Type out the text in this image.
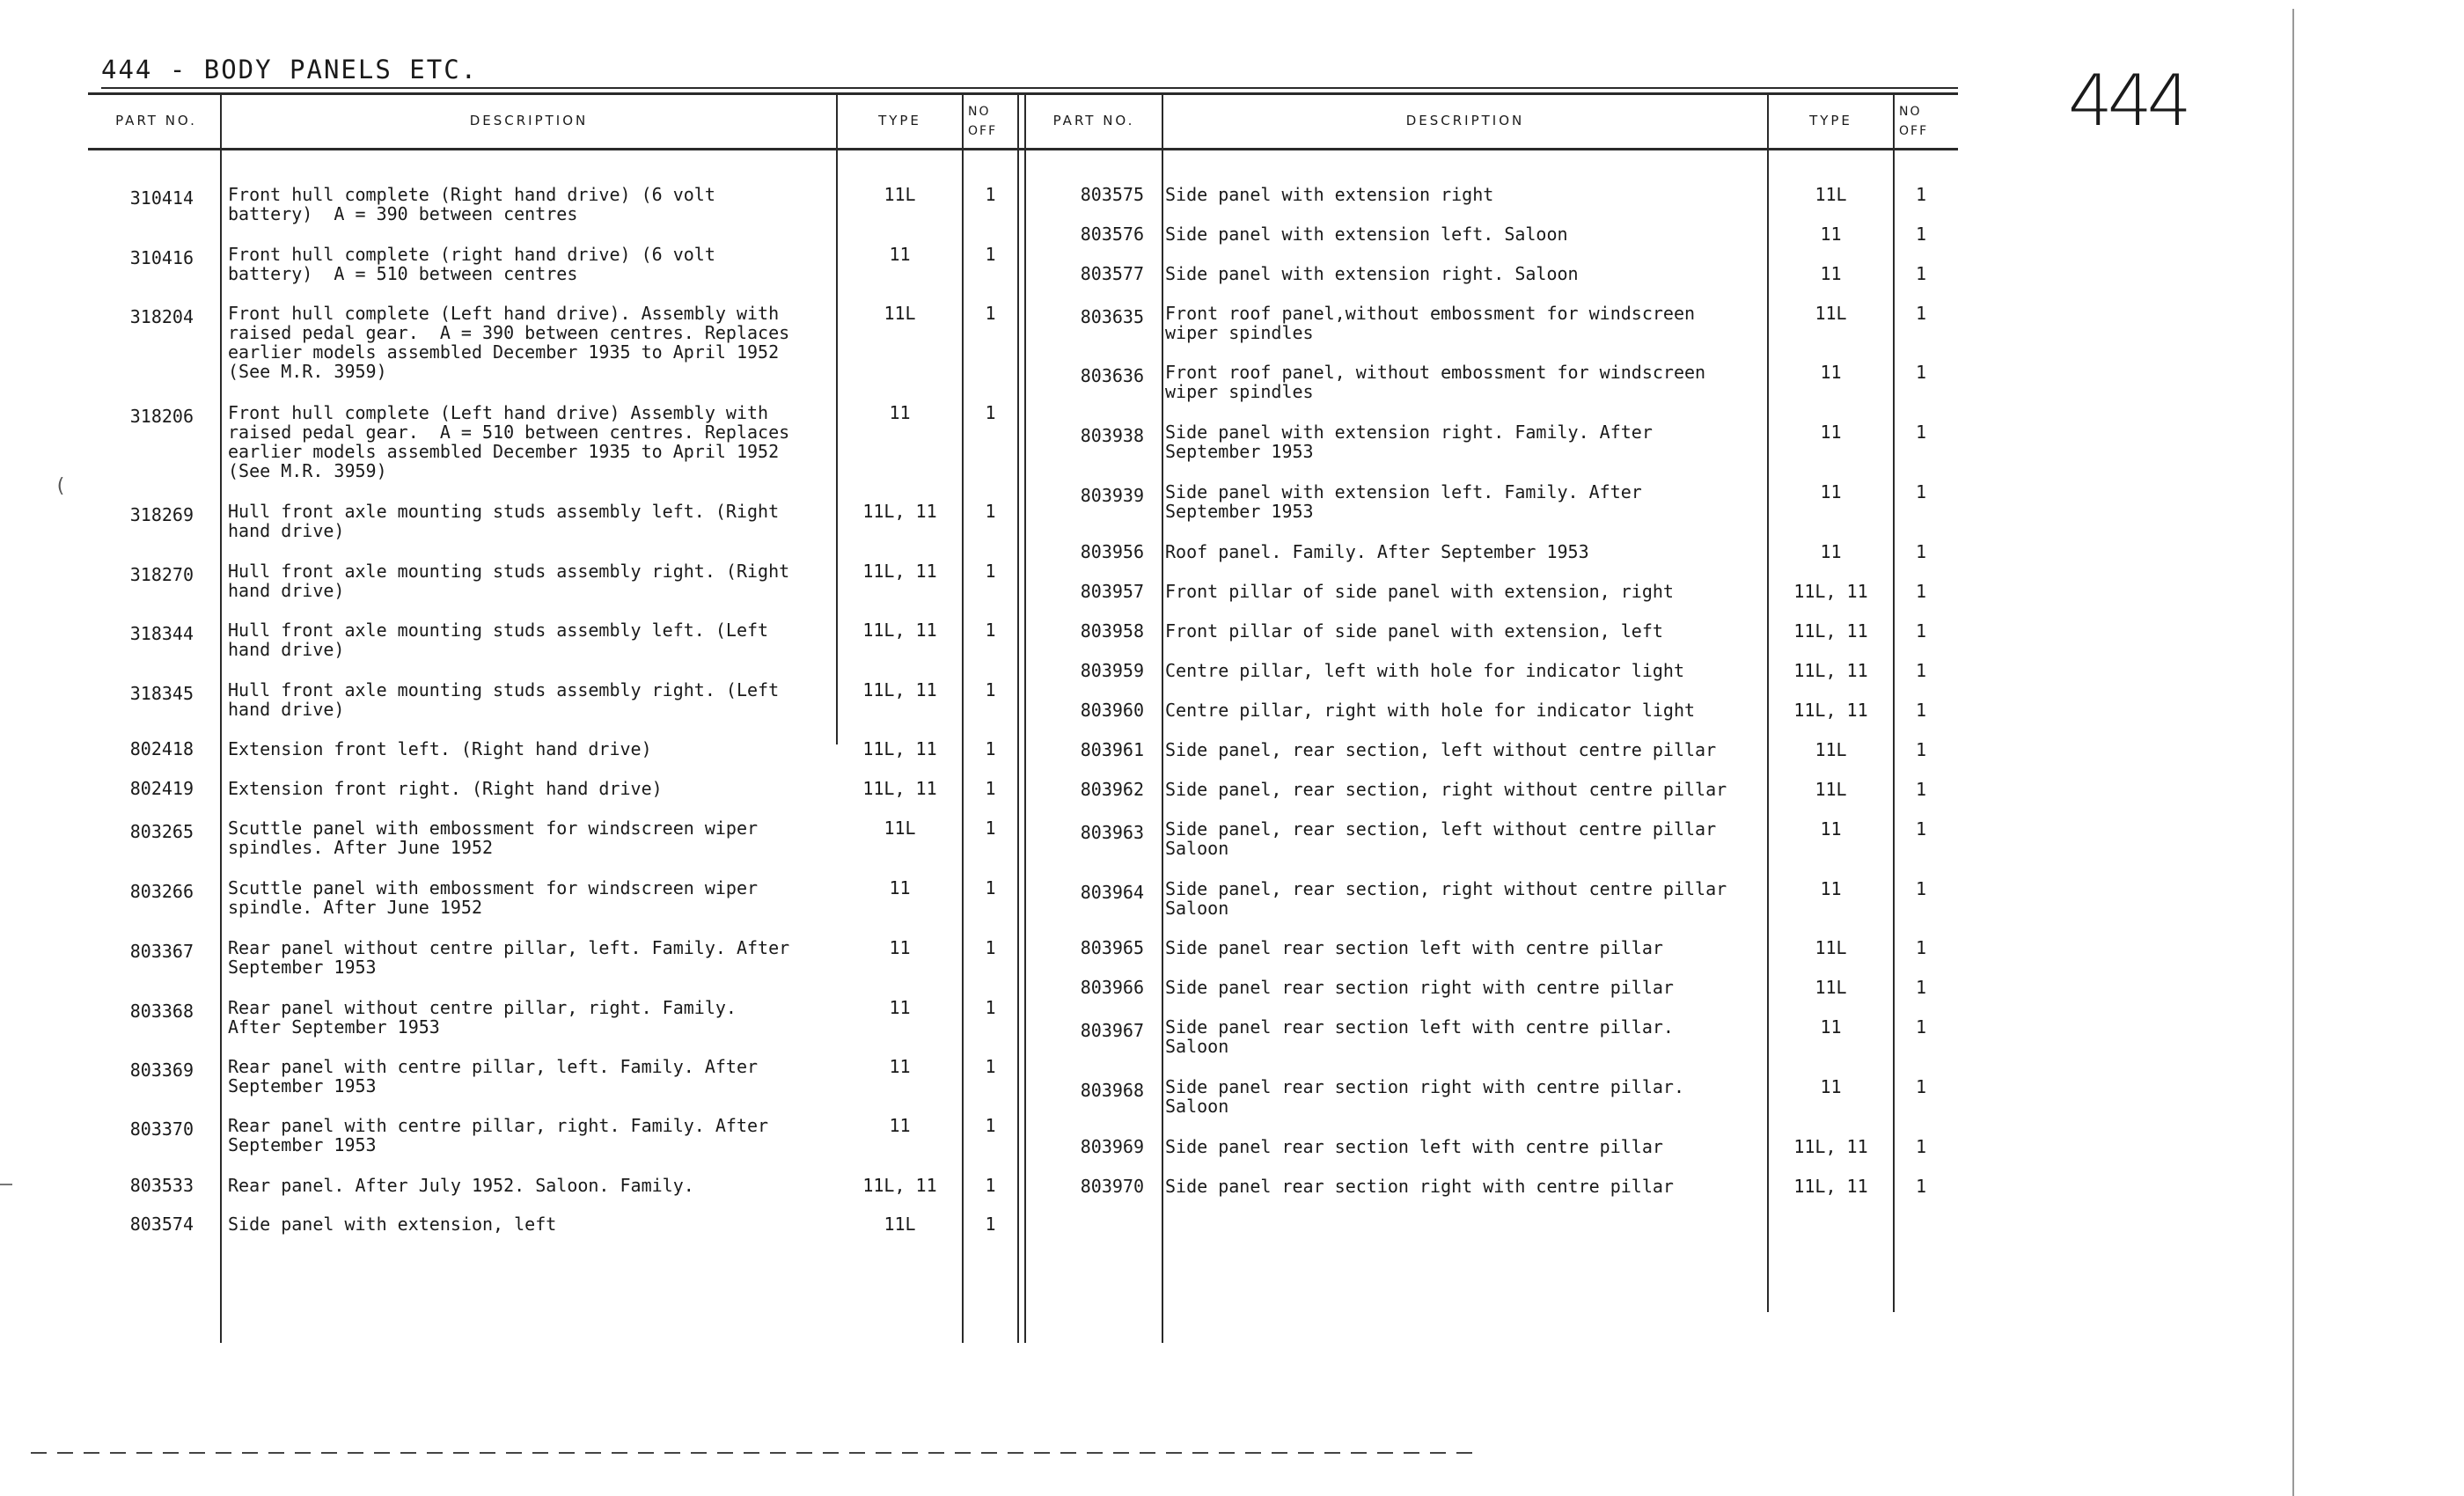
444 - BODY PANELS ETC.	444
PART NO.	DESCRIPTION	TYPE
NO OFF
PART NO.	DESCRIPTION	TYPE
NO OFF
310414 Front hull complete (Right hand drive) (6 volt
battery)  A = 390 between centres
11L	1
310416 Front hull complete (right hand drive) (6 volt
battery)  A = 510 between centres
11	1
318204 Front hull complete (Left hand drive). Assembly with
raised pedal gear.  A = 390 between centres. Replaces
earlier models assembled December 1935 to April 1952
(See M.R. 3959)
11L	1
318206 Front hull complete (Left hand drive) Assembly with
raised pedal gear.  A = 510 between centres. Replaces
earlier models assembled December 1935 to April 1952
(See M.R. 3959)
11	1
318269 Hull front axle mounting studs assembly left. (Right
hand drive)
11L, 11	1
318270 Hull front axle mounting studs assembly right. (Right
hand drive)
11L, 11	1
318344 Hull front axle mounting studs assembly left. (Left
hand drive)
11L, 11	1
318345 Hull front axle mounting studs assembly right. (Left
hand drive)
11L, 11	1
802418 Extension front left. (Right hand drive)	11L, 11	1
802419 Extension front right. (Right hand drive)	11L, 11	1
803265 Scuttle panel with embossment for windscreen wiper
spindles. After June 1952
11L	1
803266 Scuttle panel with embossment for windscreen wiper
spindle. After June 1952
11	1
803367 Rear panel without centre pillar, left. Family. After
September 1953
11	1
803368 Rear panel without centre pillar, right. Family.
After September 1953
11	1
803369 Rear panel with centre pillar, left. Family. After
September 1953
11	1
803370 Rear panel with centre pillar, right. Family. After
September 1953
11	1
803533 Rear panel. After July 1952. Saloon. Family.	11L, 11	1
803574 Side panel with extension, left	11L	1
803575 Side panel with extension right	11L	1
803576 Side panel with extension left. Saloon	11	1
803577 Side panel with extension right. Saloon	11	1
803635 Front roof panel,without embossment for windscreen
wiper spindles
11L	1
803636 Front roof panel, without embossment for windscreen
wiper spindles
11	1
803938 Side panel with extension right. Family. After
September 1953
11	1
803939 Side panel with extension left. Family. After
September 1953
11	1
803956 Roof panel. Family. After September 1953	11	1
803957 Front pillar of side panel with extension, right	11L, 11	1
803958 Front pillar of side panel with extension, left	11L, 11	1
803959 Centre pillar, left with hole for indicator light	11L, 11	1
803960 Centre pillar, right with hole for indicator light	11L, 11	1
803961 Side panel, rear section, left without centre pillar	11L	1
803962 Side panel, rear section, right without centre pillar	11L	1
803963 Side panel, rear section, left without centre pillar
Saloon
11	1
803964 Side panel, rear section, right without centre pillar
Saloon
11	1
803965 Side panel rear section left with centre pillar	11L	1
803966 Side panel rear section right with centre pillar	11L	1
803967 Side panel rear section left with centre pillar.
Saloon
11	1
803968 Side panel rear section right with centre pillar.
Saloon
11	1
803969 Side panel rear section left with centre pillar	11L, 11	1
803970 Side panel rear section right with centre pillar	11L, 11	1
(
